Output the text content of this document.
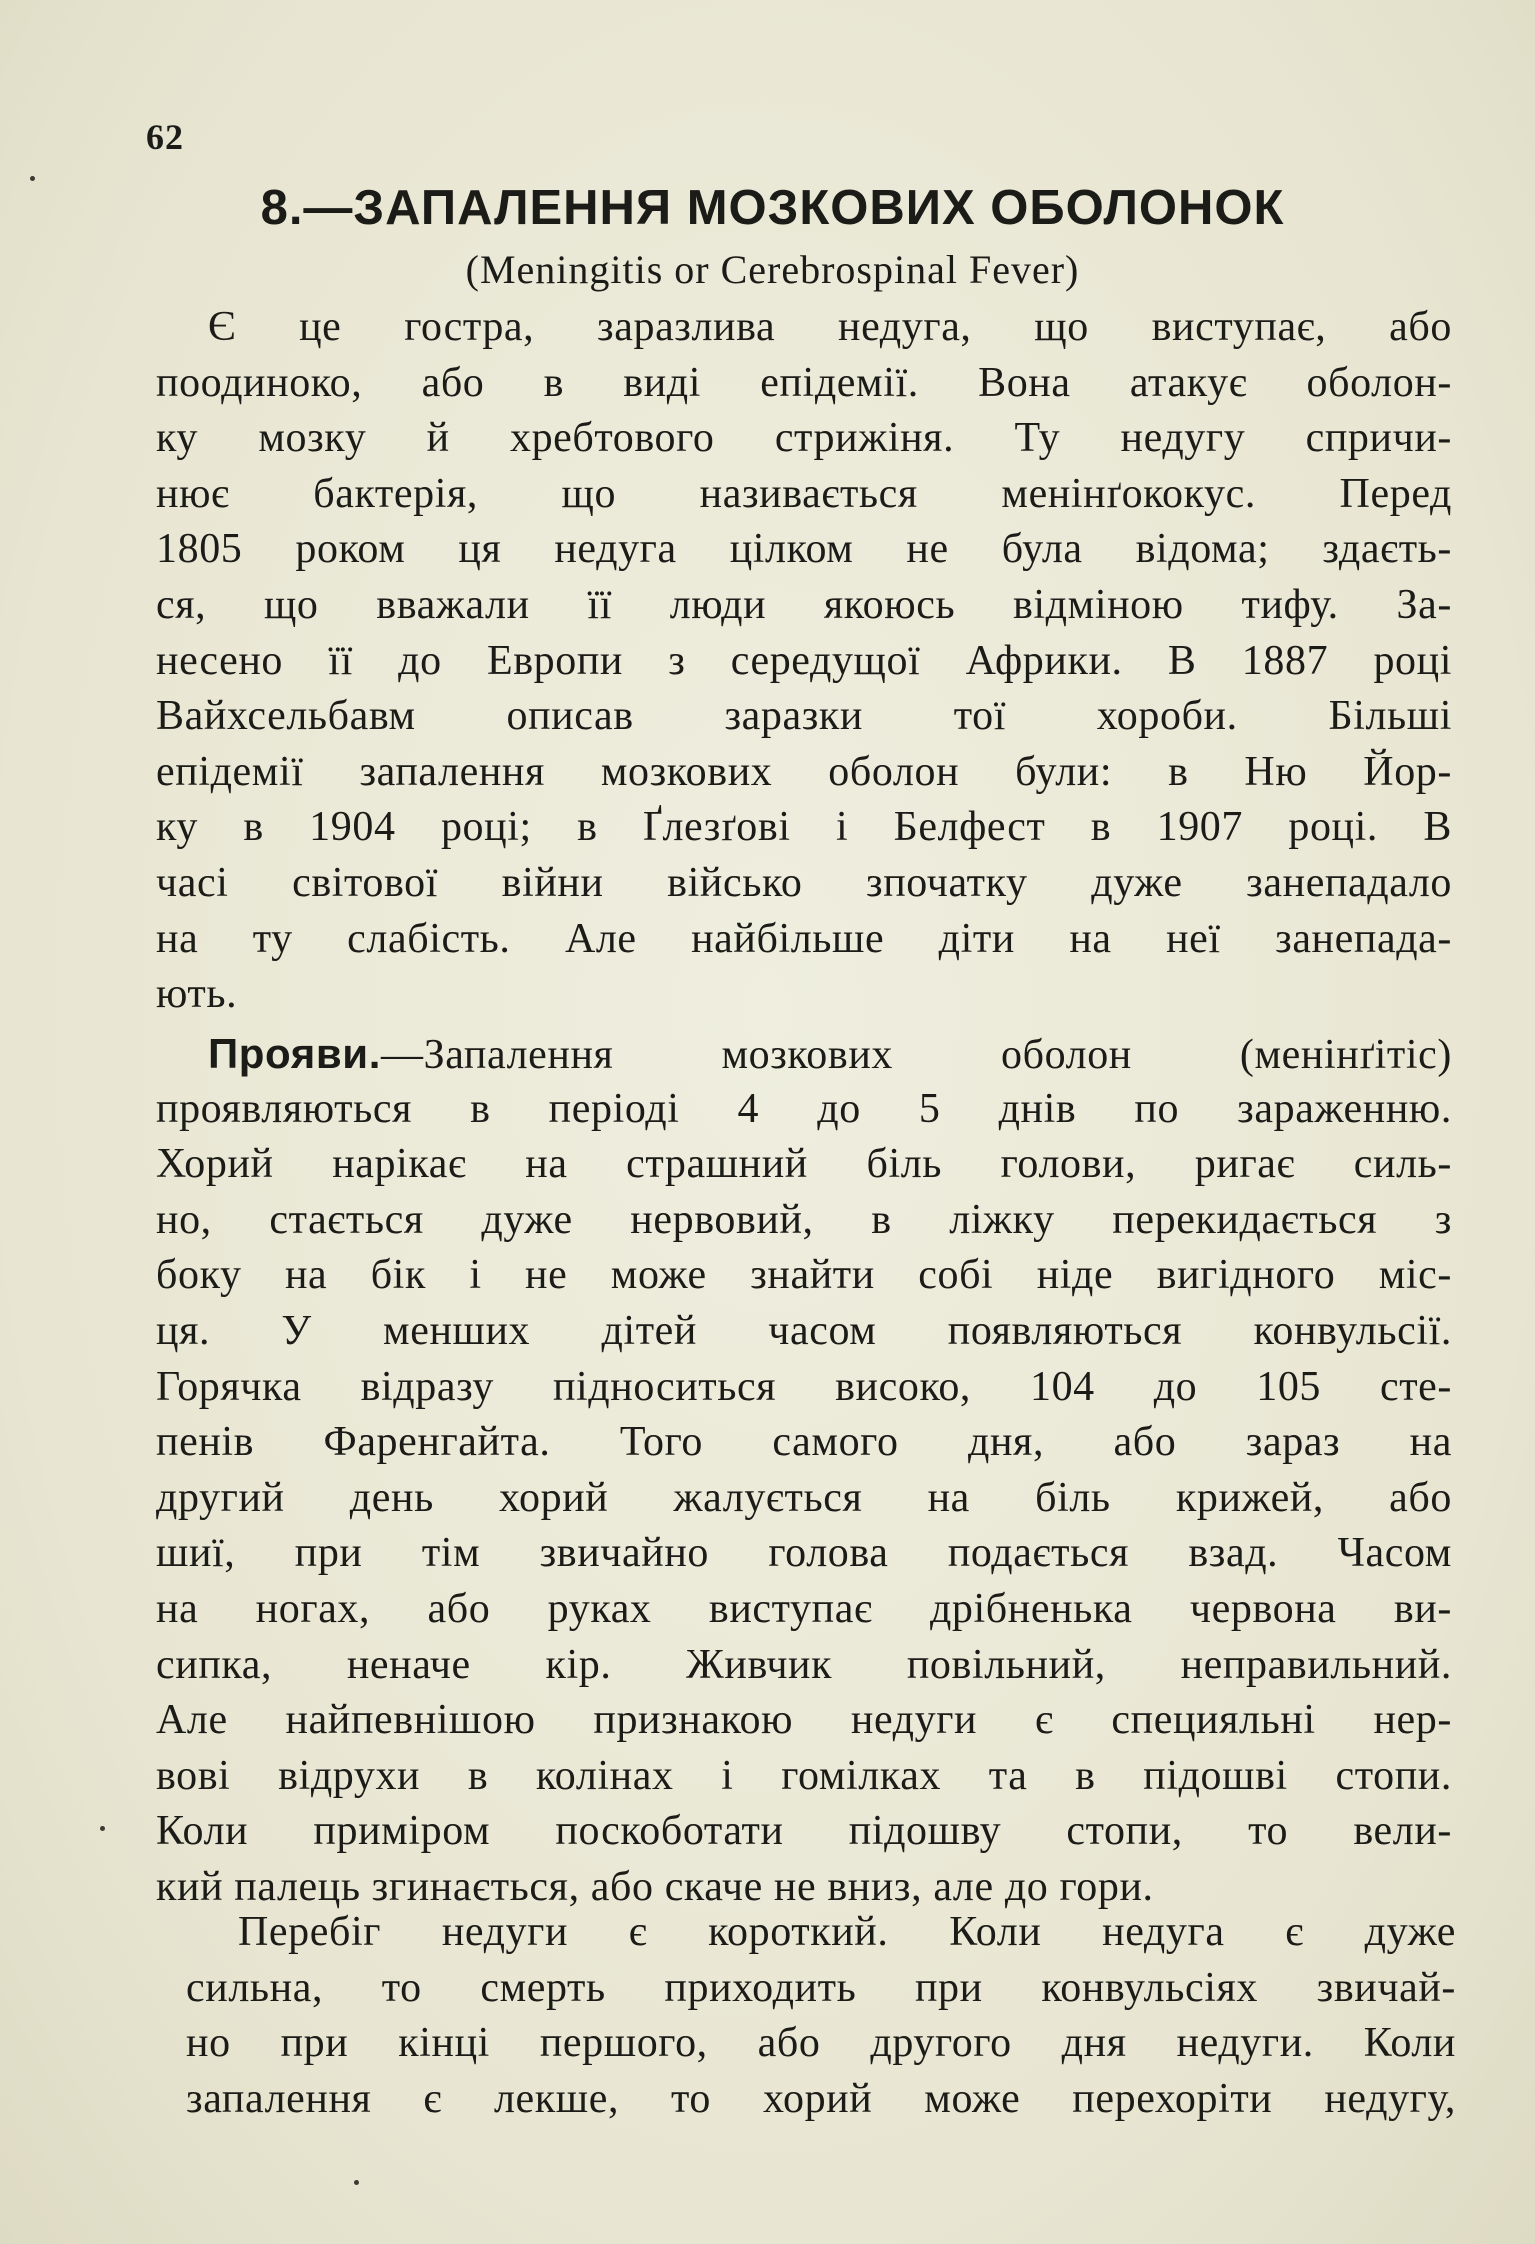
62
8.—ЗАПАЛЕННЯ МОЗКОВИХ ОБОЛОНОК
(Meningitis or Cerebrospinal Fever)
Є це гостра, заразлива недуга, що виступає, або
поодиноко, або в виді епідемії. Вона атакує оболон-
ку мозку й хребтового стрижіня. Ту недугу спричи-
нює бактерія, що називається менінґококус. Перед
1805 роком ця недуга цілком не була відома; здаєть-
ся, що вважали її люди якоюсь відміною тифу. За-
несено її до Европи з середущої Африки. В 1887 році
Вайхсельбавм описав заразки тої хороби. Більші
епідемії запалення мозкових оболон були: в Ню Йор-
ку в 1904 році; в Ґлезґові і Белфест в 1907 році. В
часі світової війни військо зпочатку дуже занепадало
на ту слабість. Але найбільше діти на неї занепада-
ють.
Прояви.—Запалення мозкових оболон (менінґітіс)
проявляються в періоді 4 до 5 днів по зараженню.
Хорий нарікає на страшний біль голови, ригає силь-
но, стається дуже нервовий, в ліжку перекидається з
боку на бік і не може знайти собі ніде вигідного міс-
ця. У менших дітей часом появляються конвульсії.
Горячка відразу підноситься високо, 104 до 105 сте-
пенів Фаренгайта. Того самого дня, або зараз на
другий день хорий жалується на біль крижей, або
шиї, при тім звичайно голова подається взад. Часом
на ногах, або руках виступає дрібненька червона ви-
сипка, неначе кір. Живчик повільний, неправильний.
Але найпевнішою признакою недуги є специяльні нер-
вові відрухи в колінах і гомілках та в підошві стопи.
Коли приміром поскоботати підошву стопи, то вели-
кий палець згинається, або скаче не вниз, але до гори.
Перебіг недуги є короткий. Коли недуга є дуже
сильна, то смерть приходить при конвульсіях звичай-
но при кінці першого, або другого дня недуги. Коли
запалення є лекше, то хорий може перехоріти недугу,
